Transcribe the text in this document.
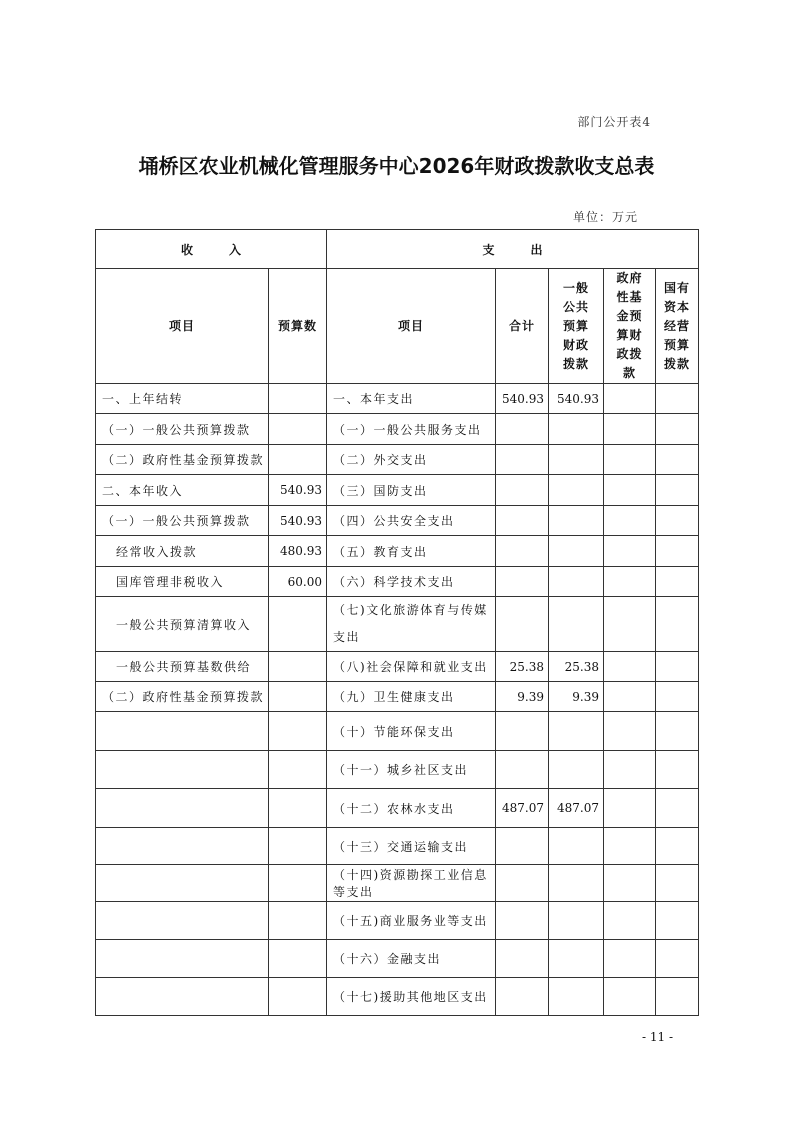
部门公开表4
埇桥区农业机械化管理服务中心2026年财政拨款收支总表
单位：万元
收　　　入		支　　　出				
项目	预算数	项目	合计	一般公共预算财政拨款	政府性基金预算财政拨款	国有资本经营预算拨款
一、上年结转		一、本年支出	540.93	540.93		
（一）一般公共预算拨款		（一）一般公共服务支出				
（二）政府性基金预算拨款		（二）外交支出				
二、本年收入	540.93	（三）国防支出				
（一）一般公共预算拨款	540.93	（四）公共安全支出				
经常收入拨款	480.93	（五）教育支出				
国库管理非税收入	60.00	（六）科学技术支出				
一般公共预算清算收入		（七)文化旅游体育与传媒支出				
一般公共预算基数供给		（八)社会保障和就业支出	25.38	25.38		
（二）政府性基金预算拨款		（九）卫生健康支出	9.39	9.39		
		（十）节能环保支出				
		（十一）城乡社区支出				
		（十二）农林水支出	487.07	487.07		
		（十三）交通运输支出				
		（十四)资源勘探工业信息等支出				
		（十五)商业服务业等支出				
		（十六）金融支出				
		（十七)援助其他地区支出				
- 11 -
